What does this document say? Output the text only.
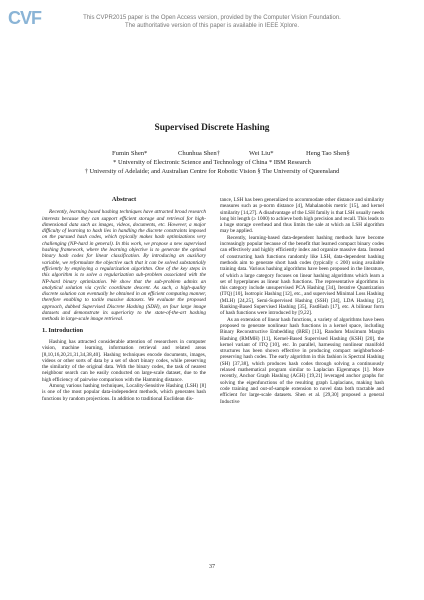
CVF	This CVPR2015 paper is the Open Access version, provided by the Computer Vision Foundation.
The authoritative version of this paper is available in IEEE Xplore.
Supervised Discrete Hashing
Fumin Shen*	Chunhua Shen†	Wei Liu*	Heng Tao Shen§
* University of Electronic Science and Technology of China * IBM Research
† University of Adelaide; and Australian Centre for Robotic Vision § The University of Queensland
Abstract

Recently, learning based hashing techniques have attracted broad research interests because they can support efficient storage and retrieval for high-dimensional data such as images, videos, documents, etc. However, a major difficulty of learning to hash lies in handling the discrete constraints imposed on the pursued hash codes, which typically makes hash optimizations very challenging (NP-hard in general). In this work, we propose a new supervised hashing framework, where the learning objective is to generate the optimal binary hash codes for linear classification. By introducing an auxiliary variable, we reformulate the objective such that it can be solved substantially efficiently by employing a regularization algorithm. One of the key steps in this algorithm is to solve a regularization sub-problem associated with the NP-hard binary optimization. We show that the sub-problem admits an analytical solution via cyclic coordinate descent. As such, a high-quality discrete solution can eventually be obtained in an efficient computing manner, therefore enabling to tackle massive datasets. We evaluate the proposed approach, dubbed Supervised Discrete Hashing (SDH), on four large image datasets and demonstrate its superiority to the state-of-the-art hashing methods in large-scale image retrieval.

1. Introduction

Hashing has attracted considerable attention of researchers in computer vision, machine learning, information retrieval and related areas [8,10,16,20,21,31,34,38,40]. Hashing techniques encode documents, images, videos or other sorts of data by a set of short binary codes, while preserving the similarity of the original data. With the binary codes, the task of nearest neighbour search can be easily conducted on large-scale dataset, due to the high efficiency of pairwise comparison with the Hamming distance.

Among various hashing techniques, Locality-Sensitive Hashing (LSH) [8] is one of the most popular data-independent methods, which generates hash functions by random projections. In addition to traditional Euclidean dis-

tance, LSH has been generalized to accommodate other distance and similarity measures such as p-norm distance [4], Mahalanobis metric [15], and kernel similarity [14,27]. A disadvantage of the LSH family is that LSH usually needs long bit length (≥ 1000) to achieve both high precision and recall. This leads to a huge storage overhead and thus limits the sale at which an LSH algorithm may be applied.

Recently, learning-based data-dependent hashing methods have become increasingly popular because of the benefit that learned compact binary codes can effectively and highly efficiently index and organize massive data. Instead of constructing hash functions randomly like LSH, data-dependent hashing methods aim to generate short hash codes (typically ≤ 200) using available training data. Various hashing algorithms have been proposed in the literature, of which a large category focuses on linear hashing algorithms which learn a set of hyperplanes as linear hash functions. The representative algorithms in this category include unsupervised PCA Hashing [34], Iterative Quantization (ITQ) [10], Isotropic Hashing [12], etc., and supervised Minimal Loss Hashing (MLH) [24,25], Semi-Supervised Hashing (SSH) [34], LDA Hashing [2], Ranking-Based Supervised Hashing [35], FastHash [17], etc. A bilinear form of hash functions were introduced by [9,22].

As an extension of linear hash functions, a variety of algorithms have been proposed to generate nonlinear hash functions in a kernel space, including Binary Reconstructive Embedding (BRE) [13], Random Maximum Margin Hashing (RMMH) [11], Kernel-Based Supervised Hashing (KSH) [20], the kernel variant of ITQ [10], etc. In parallel, harnessing nonlinear manifold structures has been shown effective in producing compact neighborhood-preserving hash codes. The early algorithm in this fashion is Spectral Hashing (SH) [37,38], which produces hash codes through solving a continuously relaxed mathematical program similar to Laplacian Eigenmaps [1]. More recently, Anchor Graph Hashing (AGH) [19,21] leveraged anchor graphs for solving the eigenfunctions of the resulting graph Laplacians, making hash code training and out-of-sample extension to novel data both tractable and efficient for large-scale datasets. Shen et al. [29,30] proposed a general Inductive

37
